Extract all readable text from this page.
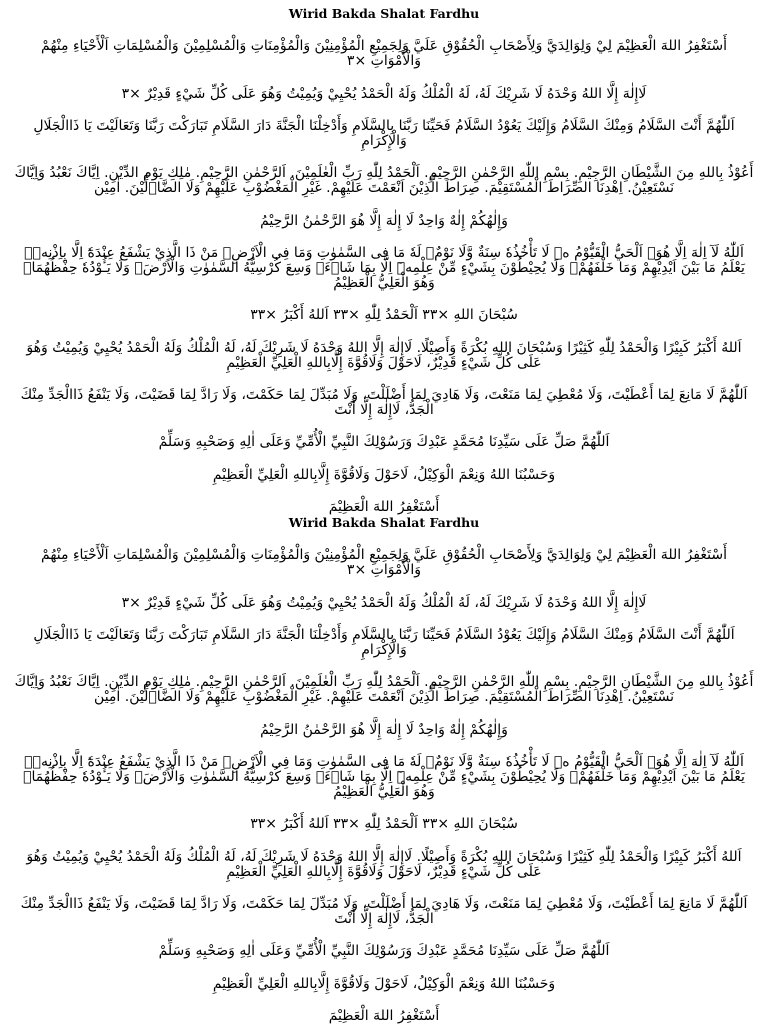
Wirid Bakda Shalat Fardhu

أَسْتَغْفِرُ اللهَ الْعَظِيْمَ لِيْ وَلِوَالِدَيَّ وَلِأَصْحَابِ الْحُقُوْقِ عَلَيَّ وَلِجَمِيْعِ الْمُؤْمِنِيْنَ وَالْمُؤْمِنَاتِ وَالْمُسْلِمِيْنَ وَالْمُسْلِمَاتِ اَلْأَحْيَاءِ مِنْهُمْ وَالْأَمْوَاتِ ×٣

لَاإِلٰهَ إِلَّا اللهُ وَحْدَهُ لَا شَرِيْكَ لَهُ، لَهُ الْمُلْكُ وَلَهُ الْحَمْدُ يُحْيِيْ وَيُمِيْتُ وَهُوَ عَلَى كُلِّ شَيْءٍ قَدِيْرٌ ×٣

اَللّٰهُمَّ أَنْتَ السَّلَامُ وَمِنْكَ السَّلَامُ وَإِلَيْكَ يَعُوْدُ السَّلَامُ فَحَيِّنَا رَبَّنَا بِالسَّلَامِ وَأَدْخِلْنَا الْجَنَّةَ دَارَ السَّلَامِ تَبَارَكْتَ رَبَّنَا وَتَعَالَيْتَ يَا ذَاالْجَلَالِ وَالْإِكْرَامِ

أَعُوْذُ بِاللهِ مِنَ الشَّيْطَانِ الرَّجِيْمِ. بِسْمِ اللّٰهِ الرَّحْمٰنِ الرَّحِيْمِ. اَلْحَمْدُ لِلّٰهِ رَبِّ الْعٰلَمِيْنَ. اَلرَّحْمٰنِ الرَّحِيْمِ. مٰلِكِ يَوْمِ الدِّيْنِ. اِيَّاكَ نَعْبُدُ وَاِيَّاكَ نَسْتَعِيْنُ. اِهْدِنَا الصِّرَاطَ الْمُسْتَقِيْمَ. صِرَاطَ الَّذِيْنَ اَنْعَمْتَ عَلَيْهِمْ. غَيْرِ الْمَغْضُوْبِ عَلَيْهِمْ وَلَا الضَّاۤلِّيْنَ. اٰمِيْن

وَإِلٰهُكُمْ إِلٰهٌ وَاحِدٌ لَا إِلٰهَ إِلَّا هُوَ الرَّحْمٰنُ الرَّحِيْمُ

اَللّٰهُ لَآ اِلٰهَ اِلَّا هُوَۚ اَلْحَيُّ الْقَيُّوْمُ ەۚ لَا تَأْخُذُهٗ سِنَةٌ وَّلَا نَوْمٌۗ لَهٗ مَا فِى السَّمٰوٰتِ وَمَا فِى الْاَرْضِۗ مَنْ ذَا الَّذِيْ يَشْفَعُ عِنْدَهٗٓ اِلَّا بِاِذْنِهٖۗ يَعْلَمُ مَا بَيْنَ اَيْدِيْهِمْ وَمَا خَلْفَهُمْۚ وَلَا يُحِيْطُوْنَ بِشَيْءٍ مِّنْ عِلْمِهٖٓ اِلَّا بِمَا شَاۤءَۚ وَسِعَ كُرْسِيُّهُ السَّمٰوٰتِ وَالْاَرْضَۚ وَلَا يَـُٔوْدُهٗ حِفْظُهُمَاۚ وَهُوَ الْعَلِيُّ الْعَظِيْمُ

سُبْحَانَ اللهِ ×٣٣ اَلْحَمْدُ لِلّٰهِ ×٣٣ اَللهُ أَكْبَرُ ×٣٣

اَللهُ أَكْبَرُ كَبِيْرًا وَالْحَمْدُ لِلّٰهِ كَثِيْرًا وَسُبْحَانَ اللهِ بُكْرَةً وَأَصِيْلًا. لَاإِلٰهَ إِلَّا اللهُ وَحْدَهُ لَا شَرِيْكَ لَهُ، لَهُ الْمُلْكُ وَلَهُ الْحَمْدُ يُحْيِيْ وَيُمِيْتُ وَهُوَ عَلَى كُلِّ شَيْءٍ قَدِيْرٌ، لَاحَوْلَ وَلَاقُوَّةَ إِلَّابِاللهِ الْعَلِيِّ الْعَظِيْمِ

اَللّٰهُمَّ لَا مَانِعَ لِمَا أَعْطَيْتَ، وَلَا مُعْطِيَ لِمَا مَنَعْتَ، وَلَا هَادِيَ لِمَا أَضْلَلْتَ، وَلَا مُبَدِّلَ لِمَا حَكَمْتَ، وَلَا رَادَّ لِمَا قَضَيْتَ، وَلَا يَنْفَعُ ذَاالْجَدِّ مِنْكَ الْجَدُّ، لَاإِلٰهَ إِلَّا أَنْتَ

اَللّٰهُمَّ صَلِّ عَلَى سَيِّدِنَا مُحَمَّدٍ عَبْدِكَ وَرَسُوْلِكَ النَّبِيِّ الْأُمِّيِّ وَعَلَى اٰلِهِ وَصَحْبِهِ وَسَلِّمْ

وَحَسْبُنَا اللهُ وَنِعْمَ الْوَكِيْلُ، لَاحَوْلَ وَلَاقُوَّةَ إِلَّابِاللهِ الْعَلِيِّ الْعَظِيْمِ

أَسْتَغْفِرُ اللهَ الْعَظِيْمَ

Wirid Bakda Shalat Fardhu

أَسْتَغْفِرُ اللهَ الْعَظِيْمَ لِيْ وَلِوَالِدَيَّ وَلِأَصْحَابِ الْحُقُوْقِ عَلَيَّ وَلِجَمِيْعِ الْمُؤْمِنِيْنَ وَالْمُؤْمِنَاتِ وَالْمُسْلِمِيْنَ وَالْمُسْلِمَاتِ اَلْأَحْيَاءِ مِنْهُمْ وَالْأَمْوَاتِ ×٣

لَاإِلٰهَ إِلَّا اللهُ وَحْدَهُ لَا شَرِيْكَ لَهُ، لَهُ الْمُلْكُ وَلَهُ الْحَمْدُ يُحْيِيْ وَيُمِيْتُ وَهُوَ عَلَى كُلِّ شَيْءٍ قَدِيْرٌ ×٣

اَللّٰهُمَّ أَنْتَ السَّلَامُ وَمِنْكَ السَّلَامُ وَإِلَيْكَ يَعُوْدُ السَّلَامُ فَحَيِّنَا رَبَّنَا بِالسَّلَامِ وَأَدْخِلْنَا الْجَنَّةَ دَارَ السَّلَامِ تَبَارَكْتَ رَبَّنَا وَتَعَالَيْتَ يَا ذَاالْجَلَالِ وَالْإِكْرَامِ

أَعُوْذُ بِاللهِ مِنَ الشَّيْطَانِ الرَّجِيْمِ. بِسْمِ اللّٰهِ الرَّحْمٰنِ الرَّحِيْمِ. اَلْحَمْدُ لِلّٰهِ رَبِّ الْعٰلَمِيْنَ. اَلرَّحْمٰنِ الرَّحِيْمِ. مٰلِكِ يَوْمِ الدِّيْنِ. اِيَّاكَ نَعْبُدُ وَاِيَّاكَ نَسْتَعِيْنُ. اِهْدِنَا الصِّرَاطَ الْمُسْتَقِيْمَ. صِرَاطَ الَّذِيْنَ اَنْعَمْتَ عَلَيْهِمْ. غَيْرِ الْمَغْضُوْبِ عَلَيْهِمْ وَلَا الضَّاۤلِّيْنَ. اٰمِيْن

وَإِلٰهُكُمْ إِلٰهٌ وَاحِدٌ لَا إِلٰهَ إِلَّا هُوَ الرَّحْمٰنُ الرَّحِيْمُ

اَللّٰهُ لَآ اِلٰهَ اِلَّا هُوَۚ اَلْحَيُّ الْقَيُّوْمُ ەۚ لَا تَأْخُذُهٗ سِنَةٌ وَّلَا نَوْمٌۗ لَهٗ مَا فِى السَّمٰوٰتِ وَمَا فِى الْاَرْضِۗ مَنْ ذَا الَّذِيْ يَشْفَعُ عِنْدَهٗٓ اِلَّا بِاِذْنِهٖۗ يَعْلَمُ مَا بَيْنَ اَيْدِيْهِمْ وَمَا خَلْفَهُمْۚ وَلَا يُحِيْطُوْنَ بِشَيْءٍ مِّنْ عِلْمِهٖٓ اِلَّا بِمَا شَاۤءَۚ وَسِعَ كُرْسِيُّهُ السَّمٰوٰتِ وَالْاَرْضَۚ وَلَا يَـُٔوْدُهٗ حِفْظُهُمَاۚ وَهُوَ الْعَلِيُّ الْعَظِيْمُ

سُبْحَانَ اللهِ ×٣٣ اَلْحَمْدُ لِلّٰهِ ×٣٣ اَللهُ أَكْبَرُ ×٣٣

اَللهُ أَكْبَرُ كَبِيْرًا وَالْحَمْدُ لِلّٰهِ كَثِيْرًا وَسُبْحَانَ اللهِ بُكْرَةً وَأَصِيْلًا. لَاإِلٰهَ إِلَّا اللهُ وَحْدَهُ لَا شَرِيْكَ لَهُ، لَهُ الْمُلْكُ وَلَهُ الْحَمْدُ يُحْيِيْ وَيُمِيْتُ وَهُوَ عَلَى كُلِّ شَيْءٍ قَدِيْرٌ، لَاحَوْلَ وَلَاقُوَّةَ إِلَّابِاللهِ الْعَلِيِّ الْعَظِيْمِ

اَللّٰهُمَّ لَا مَانِعَ لِمَا أَعْطَيْتَ، وَلَا مُعْطِيَ لِمَا مَنَعْتَ، وَلَا هَادِيَ لِمَا أَضْلَلْتَ، وَلَا مُبَدِّلَ لِمَا حَكَمْتَ، وَلَا رَادَّ لِمَا قَضَيْتَ، وَلَا يَنْفَعُ ذَاالْجَدِّ مِنْكَ الْجَدُّ، لَاإِلٰهَ إِلَّا أَنْتَ

اَللّٰهُمَّ صَلِّ عَلَى سَيِّدِنَا مُحَمَّدٍ عَبْدِكَ وَرَسُوْلِكَ النَّبِيِّ الْأُمِّيِّ وَعَلَى اٰلِهِ وَصَحْبِهِ وَسَلِّمْ

وَحَسْبُنَا اللهُ وَنِعْمَ الْوَكِيْلُ، لَاحَوْلَ وَلَاقُوَّةَ إِلَّابِاللهِ الْعَلِيِّ الْعَظِيْمِ

أَسْتَغْفِرُ اللهَ الْعَظِيْمَ
